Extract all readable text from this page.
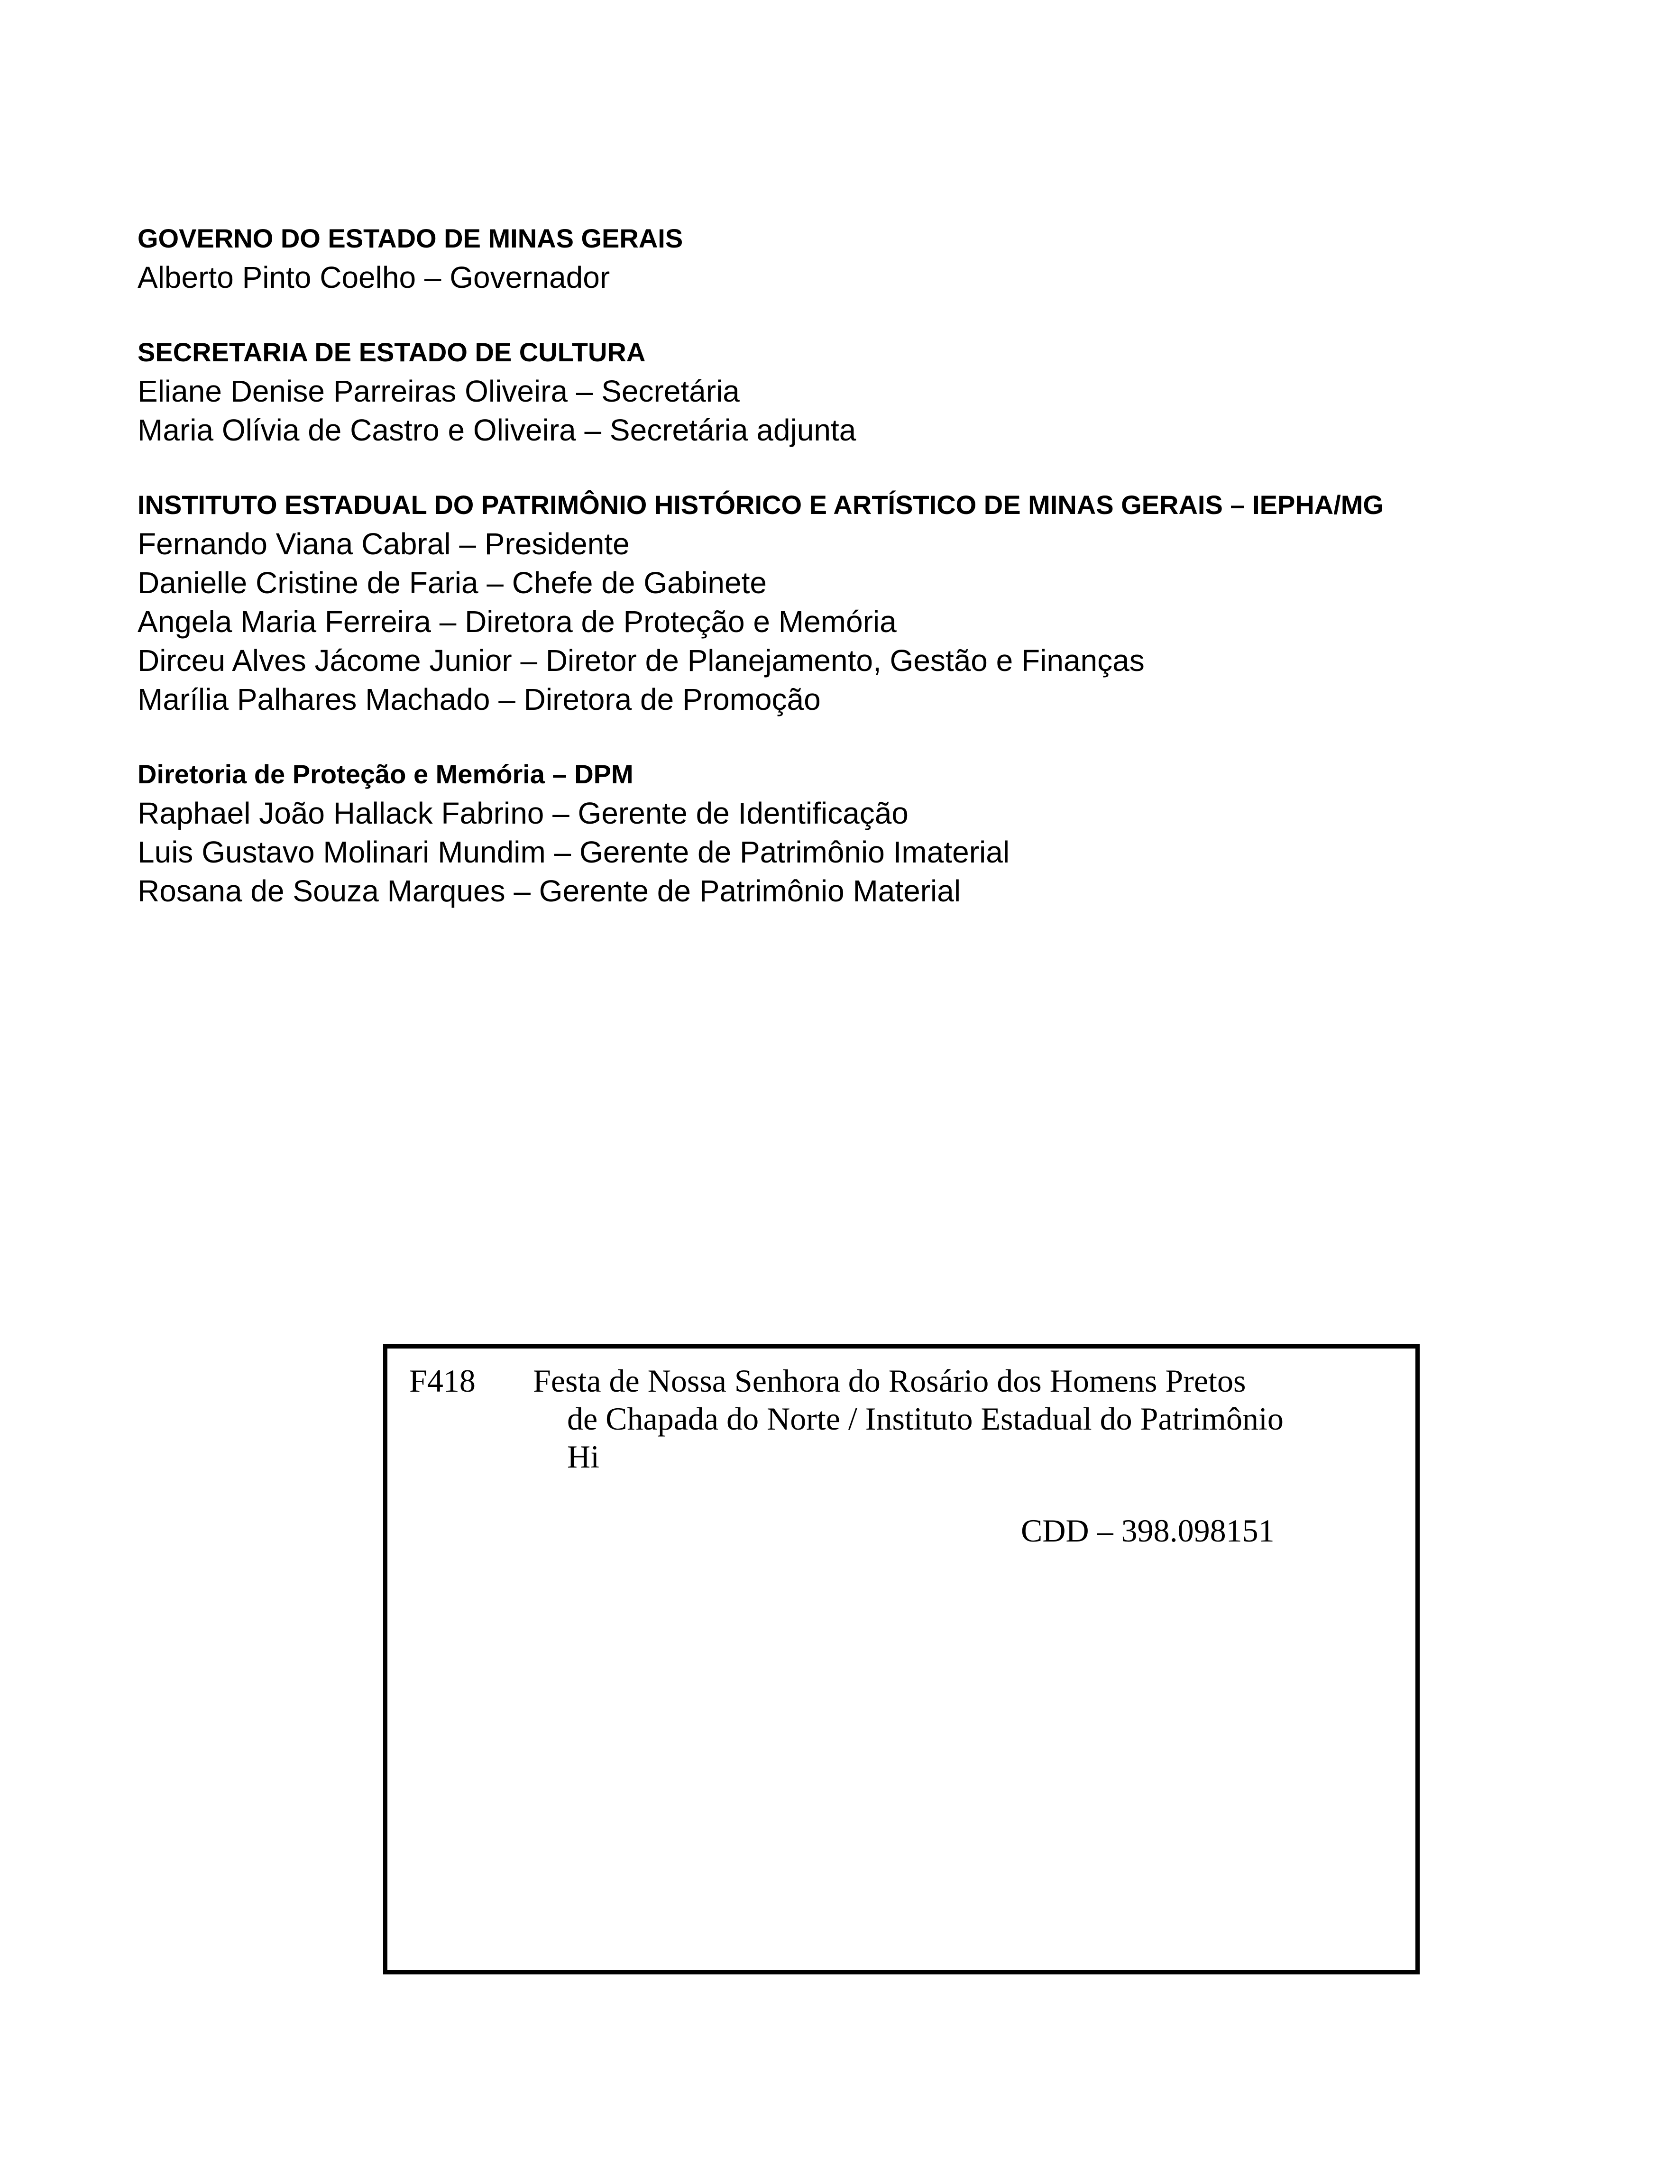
GOVERNO DO ESTADO DE MINAS GERAIS
Alberto Pinto Coelho – Governador
SECRETARIA DE ESTADO DE CULTURA
Eliane Denise Parreiras Oliveira – Secretária
Maria Olívia de Castro e Oliveira – Secretária adjunta
INSTITUTO ESTADUAL DO PATRIMÔNIO HISTÓRICO E ARTÍSTICO DE MINAS GERAIS – IEPHA/MG
Fernando Viana Cabral – Presidente
Danielle Cristine de Faria – Chefe de Gabinete
Angela Maria Ferreira – Diretora de Proteção e Memória
Dirceu Alves Jácome Junior – Diretor de Planejamento, Gestão e Finanças
Marília Palhares Machado – Diretora de Promoção
Diretoria de Proteção e Memória – DPM
Raphael João Hallack Fabrino – Gerente de Identificação
Luis Gustavo Molinari Mundim – Gerente de Patrimônio Imaterial
Rosana de Souza Marques – Gerente de Patrimônio Material
F418 Festa de Nossa Senhora do Rosário dos Homens Pretos
de Chapada do Norte / Instituto Estadual do Patrimônio
Hi
CDD – 398.098151
